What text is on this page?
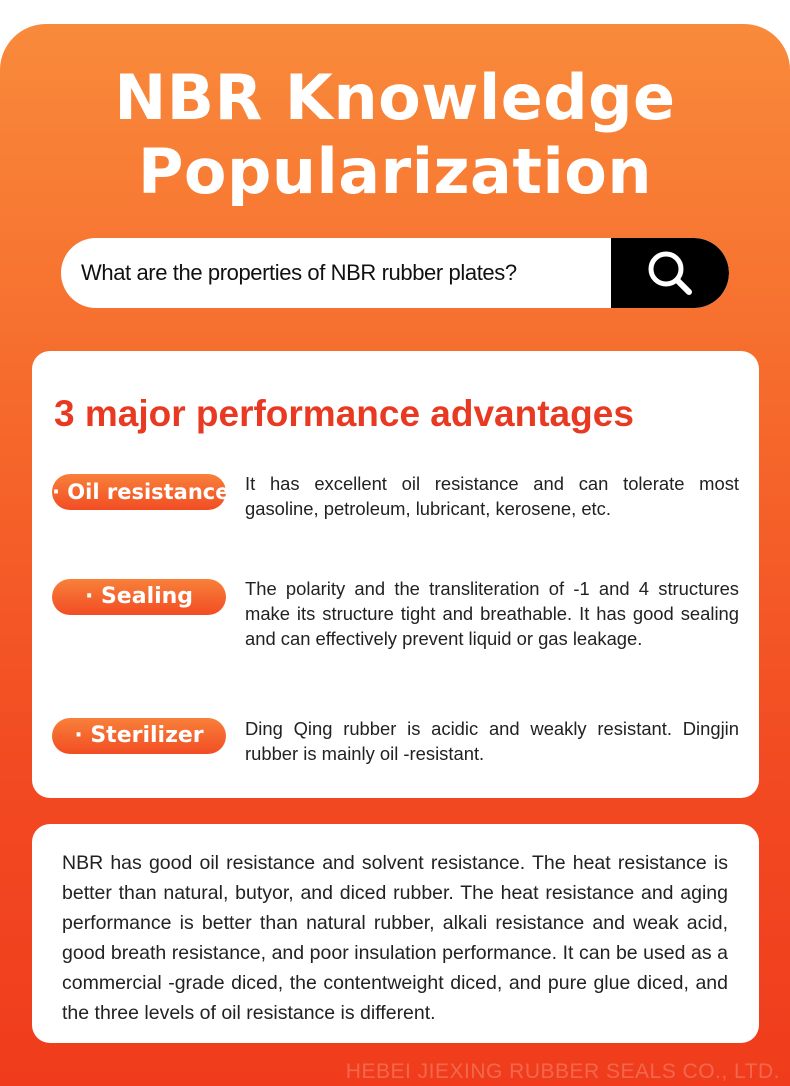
NBR Knowledge
Popularization
What are the properties of NBR rubber plates?
3 major performance advantages
· Oil resistance It has excellent oil resistance and can tolerate most gasoline, petroleum, lubricant, kerosene, etc.
· Sealing	The polarity and the transliteration of -1 and 4 structures make its structure tight and breathable. It has good sealing and can effectively prevent liquid or gas leakage.
· Sterilizer	Ding Qing rubber is acidic and weakly resistant. Dingjin rubber is mainly oil -resistant.
NBR has good oil resistance and solvent resistance. The heat resistance is better than natural, butyor, and diced rubber. The heat resistance and aging performance is better than natural rubber, alkali resistance and weak acid, good breath resistance, and poor insulation performance. It can be used as a commercial -grade diced, the contentweight diced, and pure glue diced, and the three levels of oil resistance is different.
HEBEI JIEXING RUBBER SEALS CO., LTD.
